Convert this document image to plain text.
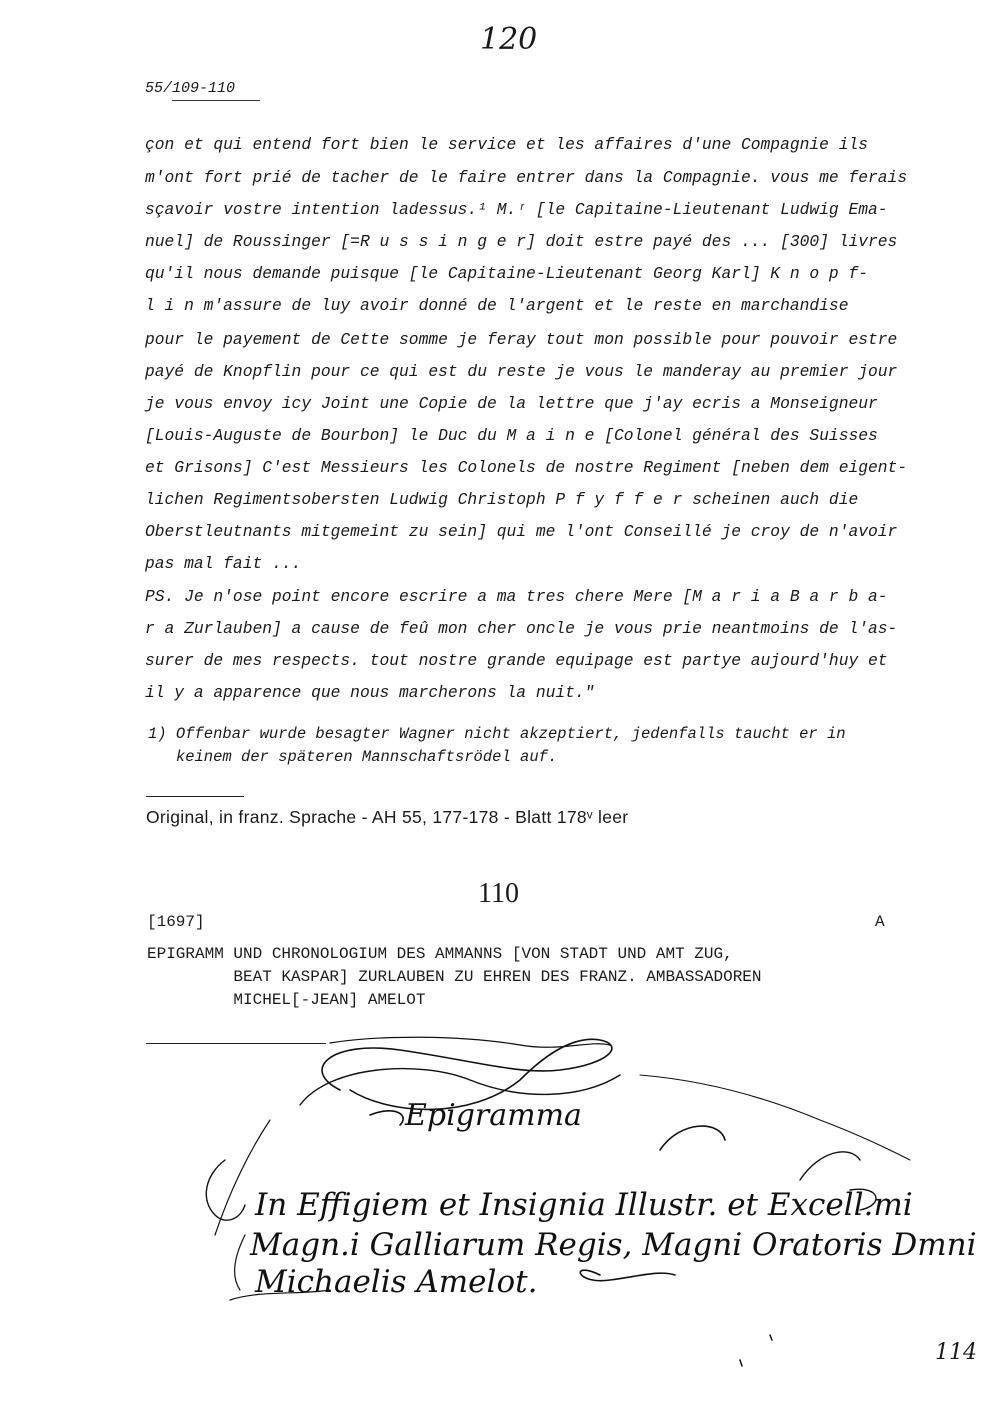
120
55/109-110
çon et qui entend fort bien le service et les affaires d'une Compagnie ils
m'ont fort prié de tacher de le faire entrer dans la Compagnie. vous me ferais
sçavoir vostre intention ladessus.¹ M.ʳ [le Capitaine-Lieutenant Ludwig Ema-
nuel] de Roussinger [=R u s s i n g e r] doit estre payé des ... [300] livres
qu'il nous demande puisque [le Capitaine-Lieutenant Georg Karl] K n o p f-
l i n m'assure de luy avoir donné de l'argent et le reste en marchandise
pour le payement de Cette somme je feray tout mon possible pour pouvoir estre
payé de Knopflin pour ce qui est du reste je vous le manderay au premier jour
je vous envoy icy Joint une Copie de la lettre que j'ay ecris a Monseigneur
[Louis-Auguste de Bourbon] le Duc du M a i n e [Colonel général des Suisses
et Grisons] C'est Messieurs les Colonels de nostre Regiment [neben dem eigent-
lichen Regimentsobersten Ludwig Christoph P f y f f e r scheinen auch die
Oberstleutnants mitgemeint zu sein] qui me l'ont Conseillé je croy de n'avoir
pas mal fait ...
PS. Je n'ose point encore escrire a ma tres chere Mere [M a r i a B a r b a-
r a Zurlauben] a cause de feû mon cher oncle je vous prie neantmoins de l'as-
surer de mes respects. tout nostre grande equipage est partye aujourd'huy et
il y a apparence que nous marcherons la nuit."
1) Offenbar wurde besagter Wagner nicht akzeptiert, jedenfalls taucht er in
keinem der späteren Mannschaftsrödel auf.
Original, in franz. Sprache - AH 55, 177-178 - Blatt 178ᵛ leer
110
[1697]	A
EPIGRAMM UND CHRONOLOGIUM DES AMMANNS [VON STADT UND AMT ZUG,
BEAT KASPAR] ZURLAUBEN ZU EHREN DES FRANZ. AMBASSADOREN
MICHEL[-JEAN] AMELOT
Epigramma
In Effigiem et Insignia Illustr. et Excell.mi
Magn.i Galliarum Regis, Magni Oratoris Dmni
Michaelis Amelot.
114
